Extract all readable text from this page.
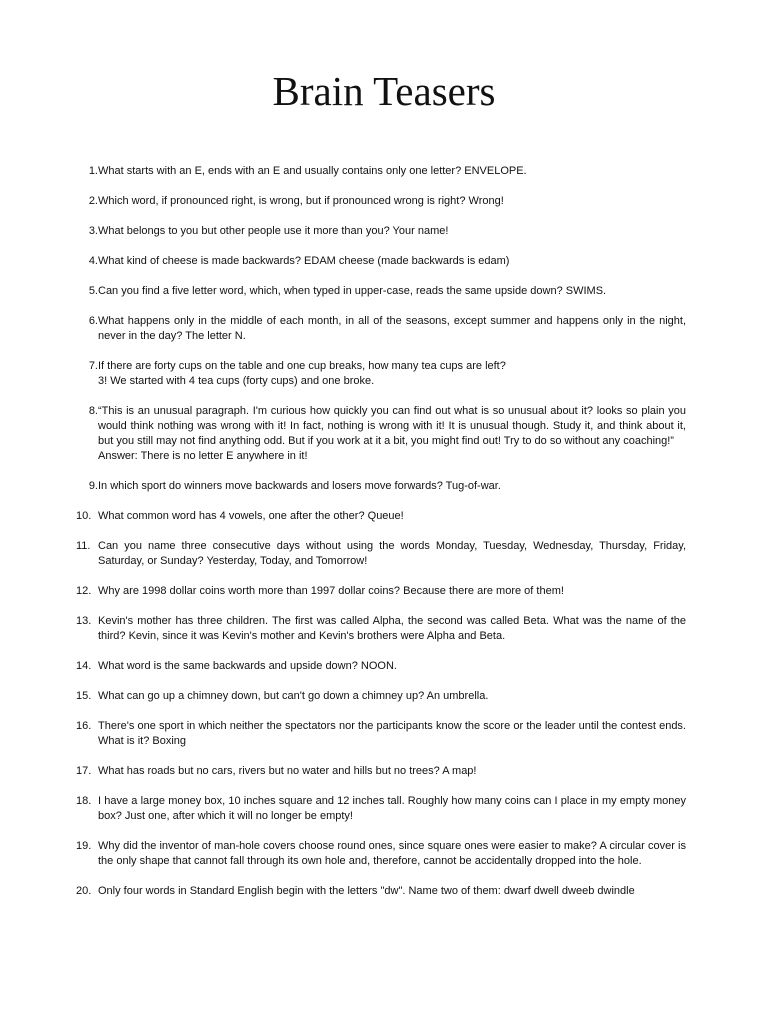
Brain Teasers
1. What starts with an E, ends with an E and usually contains only one letter? ENVELOPE.
2. Which word, if pronounced right, is wrong, but if pronounced wrong is right? Wrong!
3. What belongs to you but other people use it more than you? Your name!
4. What kind of cheese is made backwards? EDAM cheese (made backwards is edam)
5. Can you find a five letter word, which, when typed in upper-case, reads the same upside down? SWIMS.
6. What happens only in the middle of each month, in all of the seasons, except summer and happens only in the night, never in the day? The letter N.
7. If there are forty cups on the table and one cup breaks, how many tea cups are left?
3! We started with 4 tea cups (forty cups) and one broke.
8. “This is an unusual paragraph. I'm curious how quickly you can find out what is so unusual about it? looks so plain you would think nothing was wrong with it! In fact, nothing is wrong with it! It is unusual though. Study it, and think about it, but you still may not find anything odd. But if you work at it a bit, you might find out! Try to do so without any coaching!”
Answer: There is no letter E anywhere in it!
9. In which sport do winners move backwards and losers move forwards? Tug-of-war.
10. What common word has 4 vowels, one after the other? Queue!
11. Can you name three consecutive days without using the words Monday, Tuesday, Wednesday, Thursday, Friday, Saturday, or Sunday? Yesterday, Today, and Tomorrow!
12. Why are 1998 dollar coins worth more than 1997 dollar coins? Because there are more of them!
13. Kevin's mother has three children. The first was called Alpha, the second was called Beta. What was the name of the third? Kevin, since it was Kevin's mother and Kevin's brothers were Alpha and Beta.
14. What word is the same backwards and upside down? NOON.
15. What can go up a chimney down, but can't go down a chimney up? An umbrella.
16. There's one sport in which neither the spectators nor the participants know the score or the leader until the contest ends. What is it? Boxing
17. What has roads but no cars, rivers but no water and hills but no trees? A map!
18. I have a large money box, 10 inches square and 12 inches tall. Roughly how many coins can I place in my empty money box? Just one, after which it will no longer be empty!
19. Why did the inventor of man-hole covers choose round ones, since square ones were easier to make? A circular cover is the only shape that cannot fall through its own hole and, therefore, cannot be accidentally dropped into the hole.
20. Only four words in Standard English begin with the letters "dw". Name two of them: dwarf dwell dweeb dwindle
